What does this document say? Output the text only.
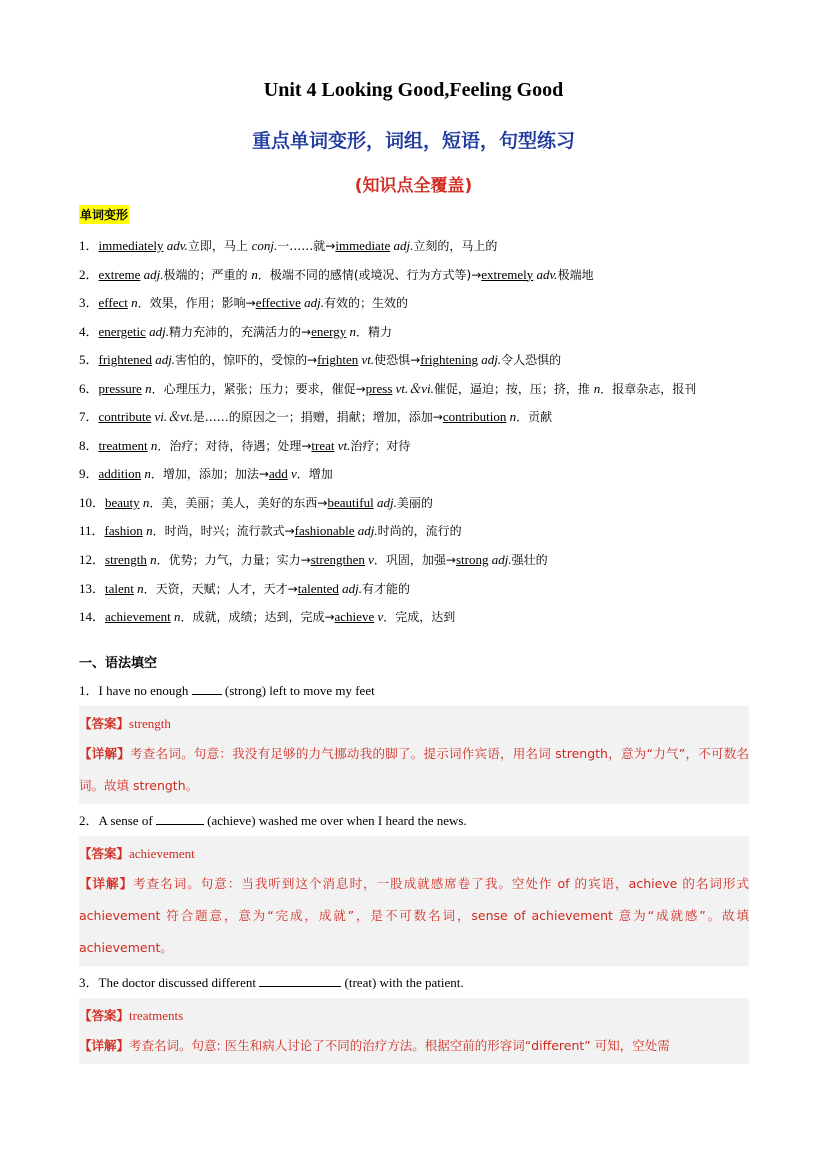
Unit 4 Looking Good,Feeling Good
重点单词变形，词组，短语，句型练习
(知识点全覆盖)
单词变形
1．immediately adv.立即，马上 conj.一……就→immediate adj.立刻的，马上的
2．extreme adj.极端的；严重的 n．极端不同的感情(或境况、行为方式等)→extremely adv.极端地
3．effect n．效果，作用；影响→effective adj.有效的；生效的
4．energetic adj.精力充沛的，充满活力的→energy n．精力
5．frightened adj.害怕的，惊吓的，受惊的→frighten vt.使恐惧→frightening adj.令人恐惧的
6．pressure n．心理压力，紧张；压力；要求，催促→press vt.＆vi.催促，逼迫；按，压；挤，推 n．报章杂志，报刊
7．contribute vi.＆vt.是……的原因之一；捐赠，捐献；增加，添加→contribution n．贡献
8．treatment n．治疗；对待，待遇；处理→treat vt.治疗；对待
9．addition n．增加，添加；加法→add v．增加
10．beauty n．美，美丽；美人，美好的东西→beautiful adj.美丽的
11．fashion n．时尚，时兴；流行款式→fashionable adj.时尚的，流行的
12．strength n．优势；力气，力量；实力→strengthen v．巩固，加强→strong adj.强壮的
13．talent n．天资，天赋；人才，天才→talented adj.有才能的
14．achievement n．成就，成绩；达到，完成→achieve v．完成，达到
一、语法填空
1．I have no enough  (strong) left to move my feet
【答案】strength
【详解】考查名词。句意：我没有足够的力气挪动我的脚了。提示词作宾语，用名词 strength，意为“力气”，不可数名词。故填 strength。
2．A sense of	(achieve) washed me over when I heard the news.
【答案】achievement
【详解】考查名词。句意：当我听到这个消息时，一股成就感席卷了我。空处作 of 的宾语，achieve 的名词形式 achievement 符合题意，意为“完成，成就”，是不可数名词，sense of achievement 意为“成就感”。故填 achievement。
3．The doctor discussed different	(treat) with the patient.
【答案】treatments
【详解】考查名词。句意: 医生和病人讨论了不同的治疗方法。根据空前的形容词“different” 可知，空处需
